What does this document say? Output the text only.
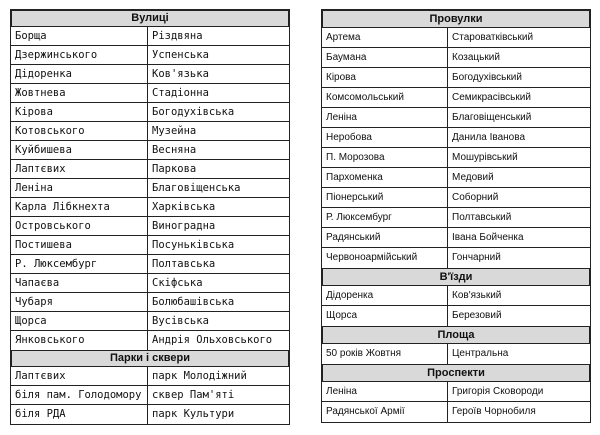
Вулиці
Борща	Різдвяна
Дзержинського	Успенська
Дідоренка	Ков'язька
Жовтнева	Стадіонна
Кірова	Богодухівська
Котовського	Музейна
Куйбишева	Весняна
Лаптєвих	Паркова
Леніна	Благовіщенська
Карла Лібкнехта	Харківська
Островського	Виноградна
Постишева	Посуньківська
Р. Люксембург	Полтавська
Чапаєва	Скіфська
Чубаря	Болюбашівська
Щорса	Вусівська
Янковського	Андрія Ольховського
Парки і сквери
Лаптєвих	парк Молодіжний
біля пам. Голодомору	сквер Пам'яті
біля РДА	парк Культури
Провулки
Артема	Староватківський
Баумана	Козацький
Кірова	Богодухівський
Комсомольський	Семикрасівський
Леніна	Благовіщенський
Неробова	Данила Іванова
П. Морозова	Мошурівський
Пархоменка	Медовий
Піонерський	Соборний
Р. Люксембург	Полтавський
Радянський	Івана Бойченка
Червоноармійський	Гончарний
В'їзди
Дідоренка	Ков'язький
Щорса	Березовий
Площа
50 років Жовтня	Центральна
Проспекти
Леніна	Григорія Сковороди
Радянської Армії	Героїв Чорнобиля
